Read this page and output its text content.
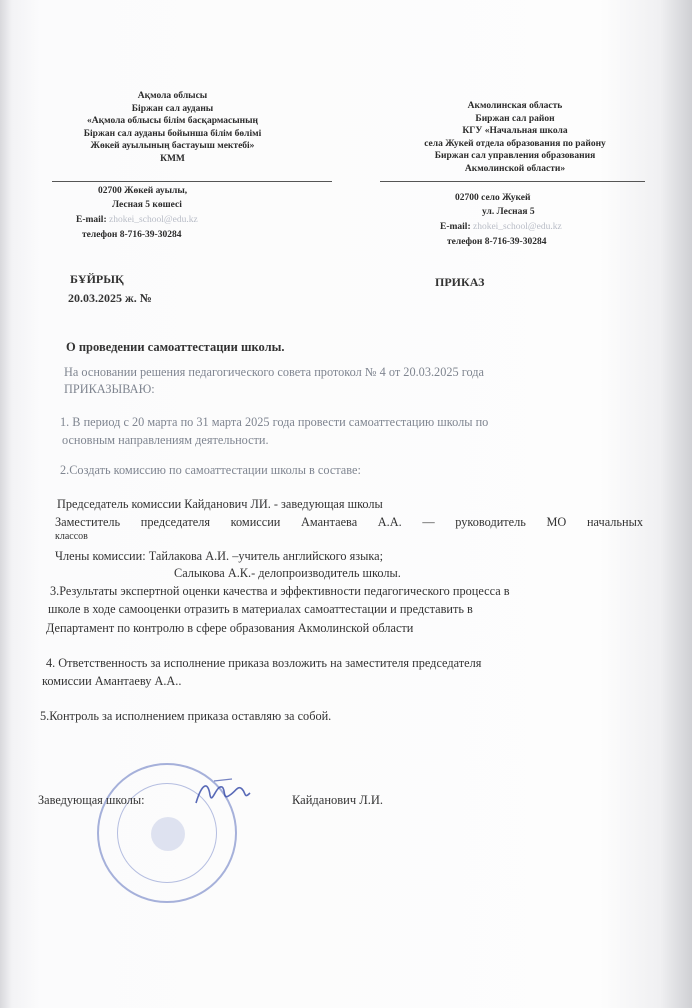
Ақмола облысы
Біржан сал ауданы
«Ақмола облысы білім басқармасының
Біржан сал ауданы бойынша білім бөлімі
Жөкей ауылының бастауыш мектебі»
КММ
Акмолинская область
Биржан сал район
КГУ «Начальная школа
села Жукей отдела образования по району
Биржан сал управления образования
Акмолинской области»
02700 Жөкей ауылы,
Лесная 5 көшесі
E-mail: zhokei_school@edu.kz
телефон 8-716-39-30284
02700 село Жукей
ул. Лесная 5
E-mail: zhokei_school@edu.kz
телефон 8-716-39-30284
БҰЙРЫҚ
20.03.2025 ж. №
ПРИКАЗ
О проведении самоаттестации школы.
На основании решения педагогического совета протокол № 4 от 20.03.2025 года
ПРИКАЗЫВАЮ:
1. В период с 20 марта по 31 марта 2025 года провести самоаттестацию школы по
основным направлениям деятельности.
2.Создать комиссию по самоаттестации школы в составе:
Председатель комиссии Кайданович ЛИ. - заведующая школы
Заместитель председателя комиссии Амантаева А.А. — руководитель МО начальных
классов
Члены комиссии: Тайлакова А.И. –учитель английского языка;
Салыкова А.К.- делопроизводитель школы.
3.Результаты экспертной оценки качества и эффективности педагогического процесса в
школе в ходе самооценки отразить в материалах самоаттестации и представить в
Департамент по контролю в сфере образования Акмолинской области
4. Ответственность за исполнение приказа возложить на заместителя председателя
комиссии Амантаеву А.А..
5.Контроль за исполнением приказа оставляю за собой.
Заведующая школы:	Кайданович Л.И.
